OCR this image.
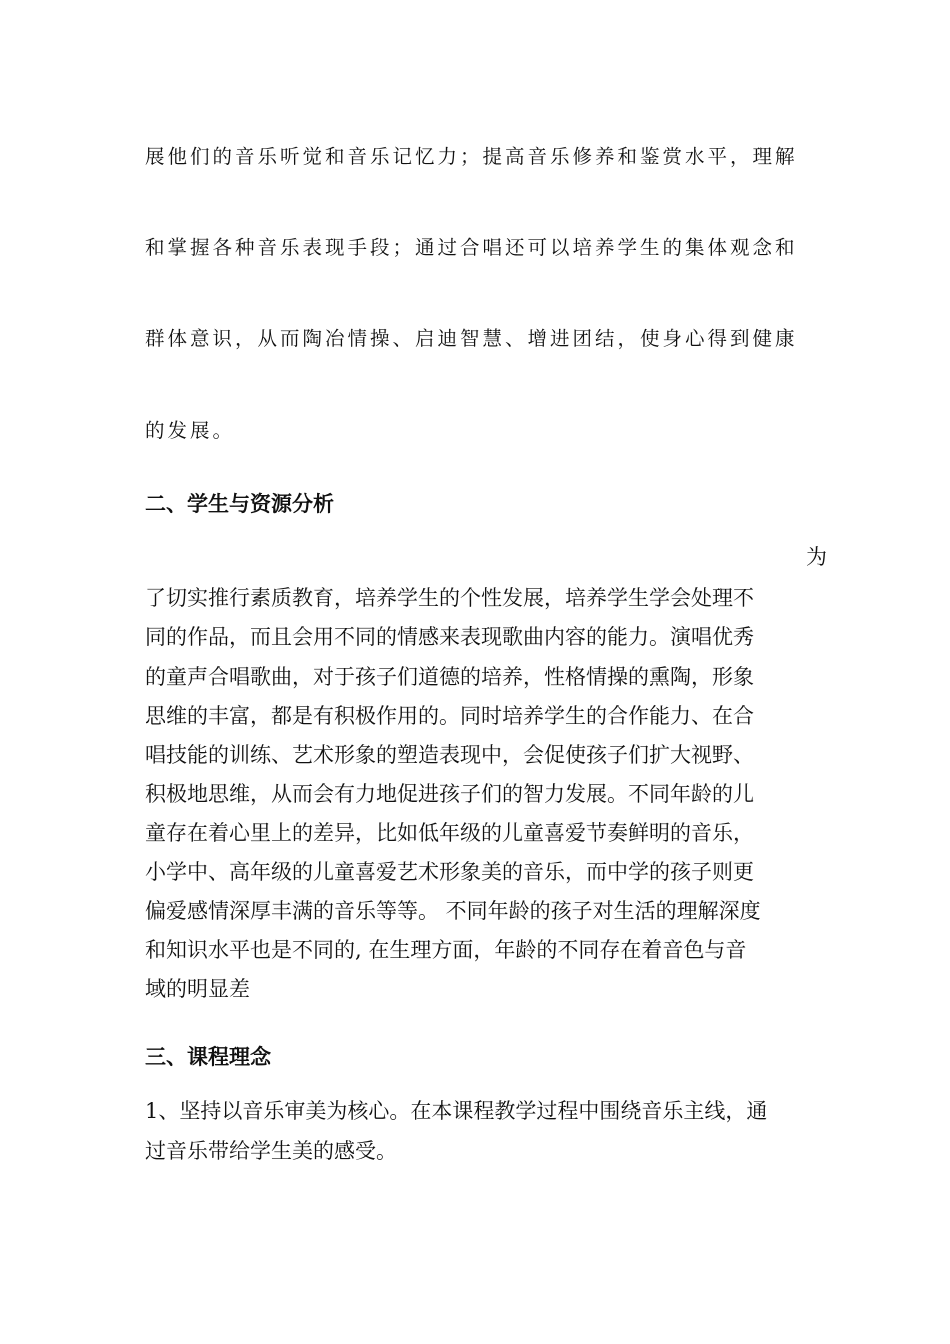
展他们的音乐听觉和音乐记忆力；提高音乐修养和鉴赏水平，理解
和掌握各种音乐表现手段；通过合唱还可以培养学生的集体观念和
群体意识，从而陶冶情操、启迪智慧、增进团结，使身心得到健康
的发展。
二、学生与资源分析
为
了切实推行素质教育，培养学生的个性发展，培养学生学会处理不
同的作品，而且会用不同的情感来表现歌曲内容的能力。演唱优秀
的童声合唱歌曲，对于孩子们道德的培养，性格情操的熏陶，形象
思维的丰富，都是有积极作用的。同时培养学生的合作能力、在合
唱技能的训练、艺术形象的塑造表现中，会促使孩子们扩大视野、
积极地思维，从而会有力地促进孩子们的智力发展。不同年龄的儿
童存在着心里上的差异，比如低年级的儿童喜爱节奏鲜明的音乐，
小学中、高年级的儿童喜爱艺术形象美的音乐，而中学的孩子则更
偏爱感情深厚丰满的音乐等等。 不同年龄的孩子对生活的理解深度
和知识水平也是不同的, 在生理方面，年龄的不同存在着音色与音
域的明显差
三、课程理念
1、坚持以音乐审美为核心。在本课程教学过程中围绕音乐主线，通
过音乐带给学生美的感受。
